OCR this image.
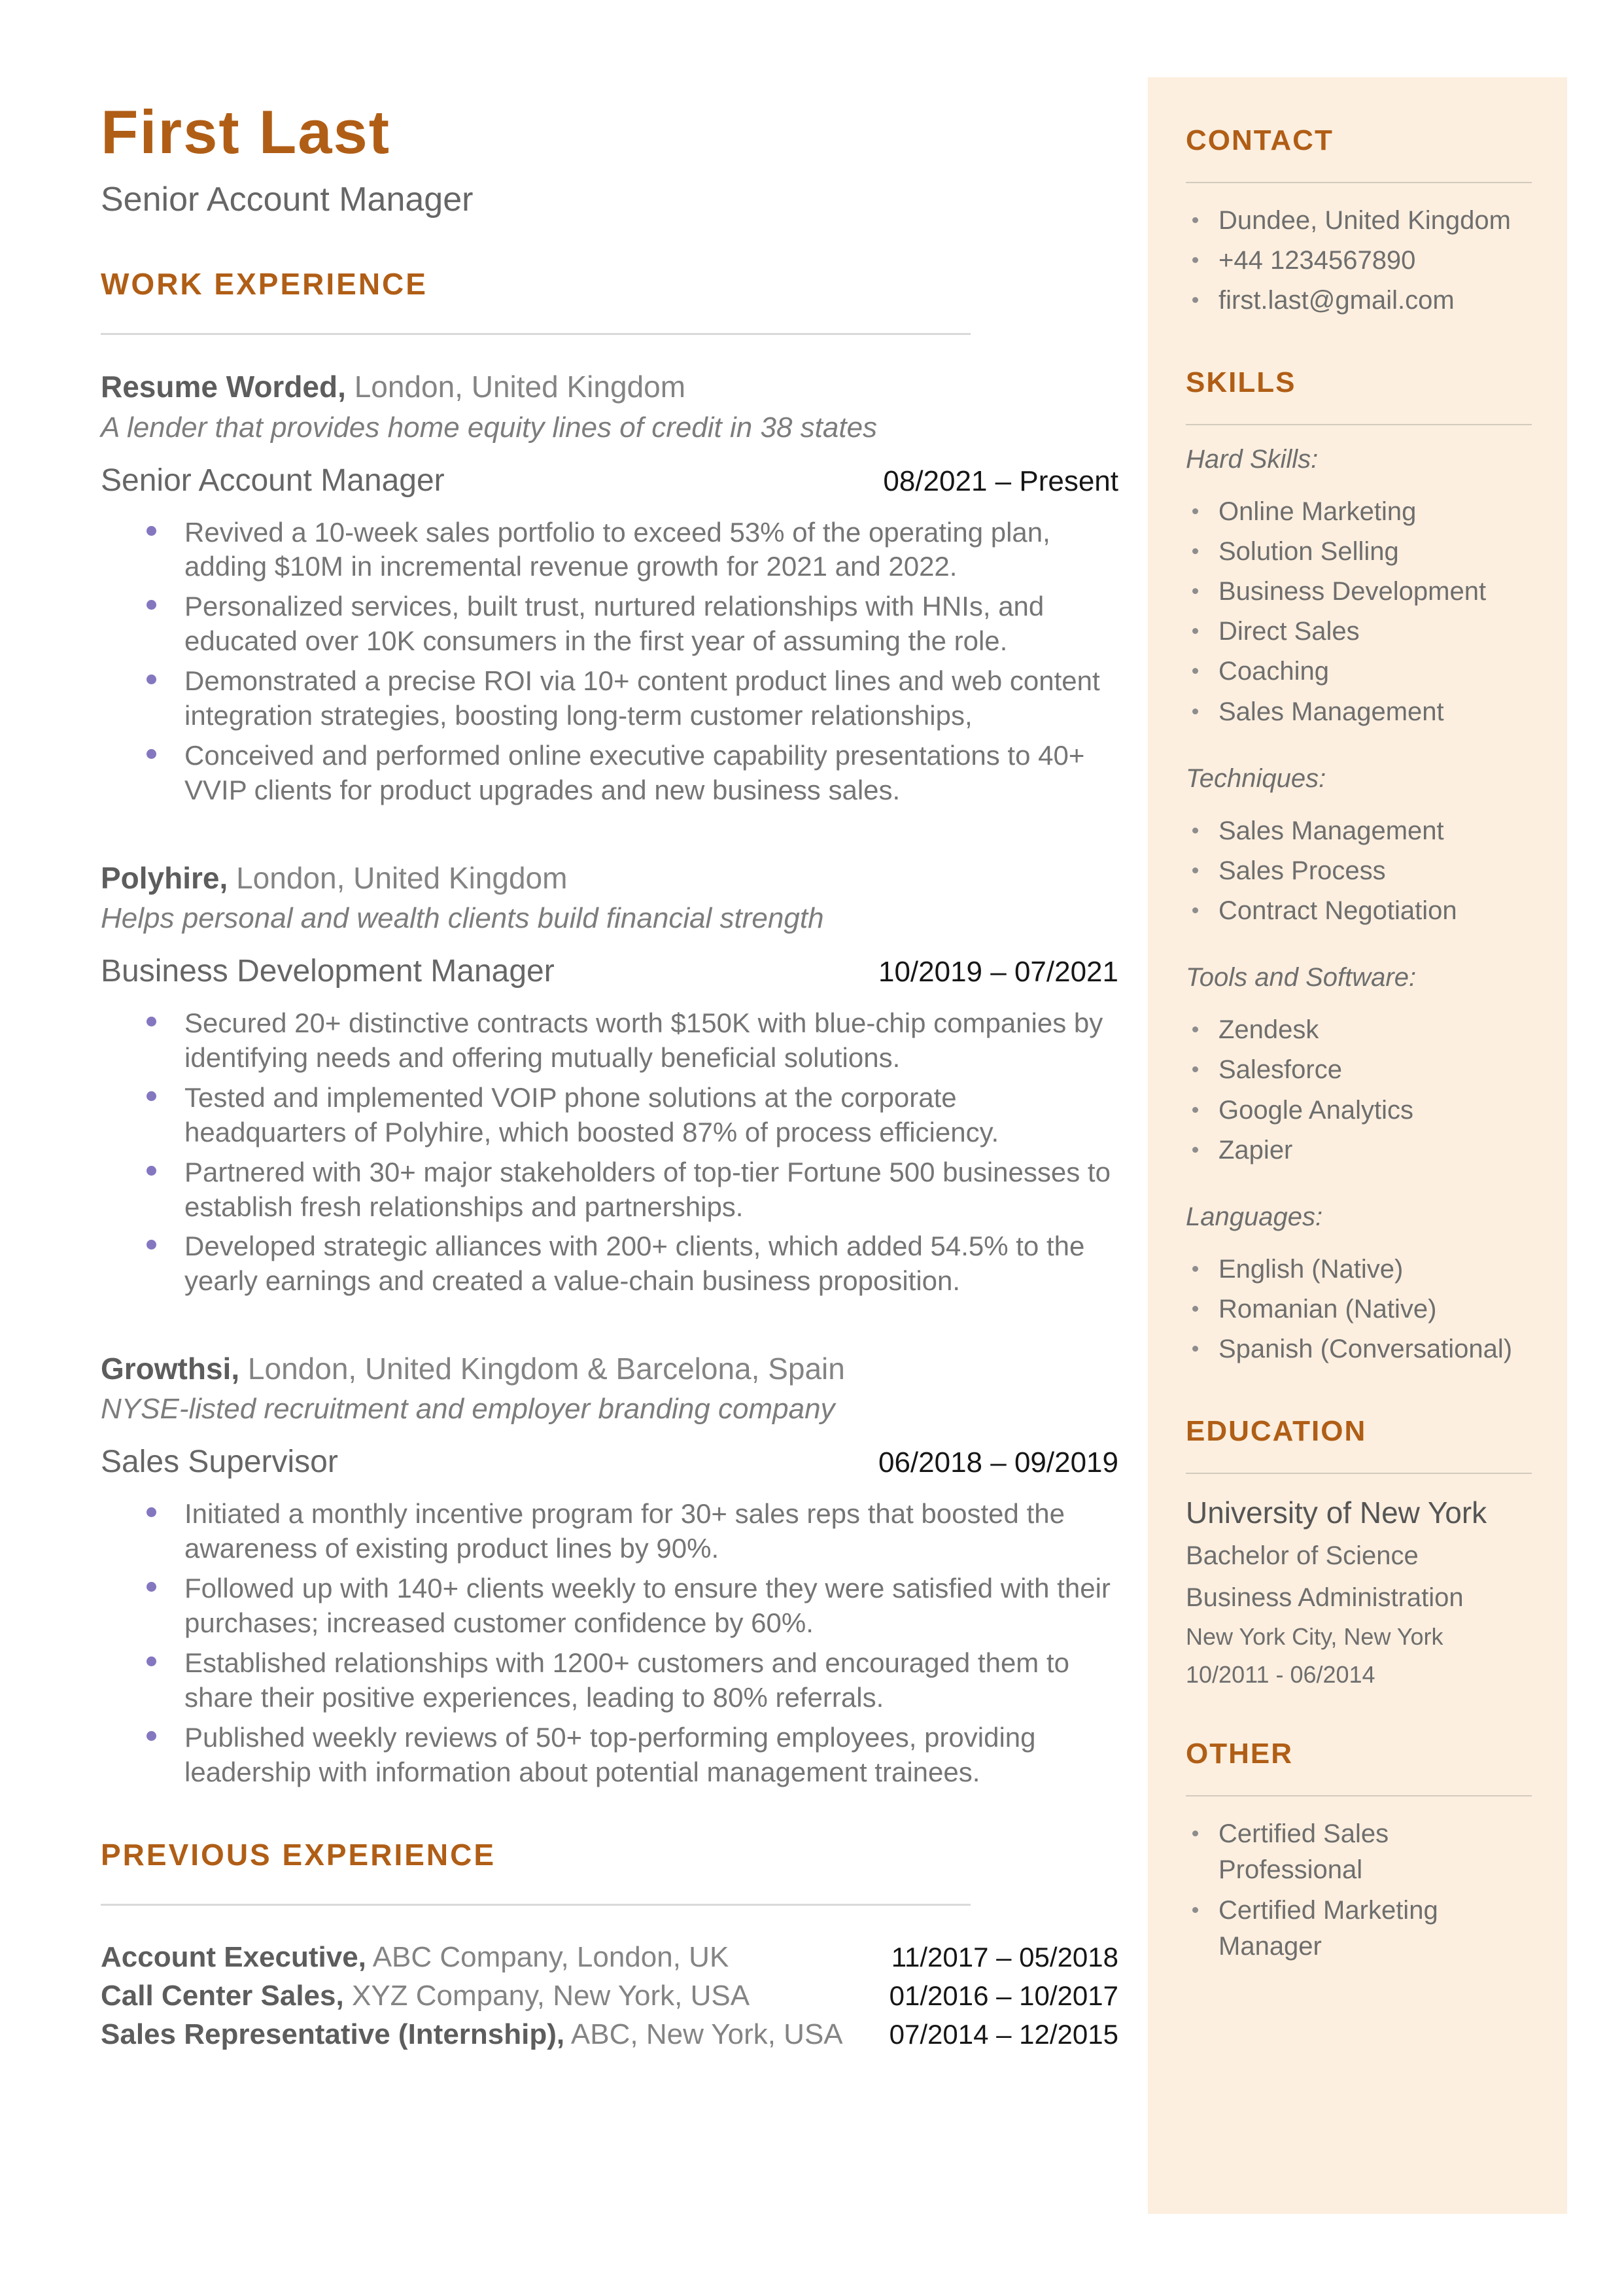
First Last
Senior Account Manager
WORK EXPERIENCE
Resume Worded, London, United Kingdom
A lender that provides home equity lines of credit in 38 states
Senior Account Manager	08/2021 – Present
Revived a 10-week sales portfolio to exceed 53% of the operating plan, adding $10M in incremental revenue growth for 2021 and 2022.
Personalized services, built trust, nurtured relationships with HNIs, and educated over 10K consumers in the first year of assuming the role.
Demonstrated a precise ROI via 10+ content product lines and web content integration strategies, boosting long-term customer relationships,
Conceived and performed online executive capability presentations to 40+ VVIP clients for product upgrades and new business sales.
Polyhire, London, United Kingdom
Helps personal and wealth clients build financial strength
Business Development Manager	10/2019 – 07/2021
Secured 20+ distinctive contracts worth $150K with blue-chip companies by identifying needs and offering mutually beneficial solutions.
Tested and implemented VOIP phone solutions at the corporate headquarters of Polyhire, which boosted 87% of process efficiency.
Partnered with 30+ major stakeholders of top-tier Fortune 500 businesses to establish fresh relationships and partnerships.
Developed strategic alliances with 200+ clients, which added 54.5% to the yearly earnings and created a value-chain business proposition.
Growthsi, London, United Kingdom & Barcelona, Spain
NYSE-listed recruitment and employer branding company
Sales Supervisor	06/2018 – 09/2019
Initiated a monthly incentive program for 30+ sales reps that boosted the awareness of existing product lines by 90%.
Followed up with 140+ clients weekly to ensure they were satisfied with their purchases; increased customer confidence by 60%.
Established relationships with 1200+ customers and encouraged them to share their positive experiences, leading to 80% referrals.
Published weekly reviews of 50+ top-performing employees, providing leadership with information about potential management trainees.
PREVIOUS EXPERIENCE
Account Executive, ABC Company, London, UK	11/2017 – 05/2018
Call Center Sales, XYZ Company, New York, USA	01/2016 – 10/2017
Sales Representative (Internship), ABC, New York, USA 07/2014 – 12/2015
CONTACT
Dundee, United Kingdom
+44 1234567890
first.last@gmail.com
SKILLS
Hard Skills:
Online Marketing
Solution Selling
Business Development
Direct Sales
Coaching
Sales Management
Techniques:
Sales Management
Sales Process
Contract Negotiation
Tools and Software:
Zendesk
Salesforce
Google Analytics
Zapier
Languages:
English (Native)
Romanian (Native)
Spanish (Conversational)
EDUCATION
University of New York
Bachelor of Science
Business Administration
New York City, New York
10/2011 - 06/2014
OTHER
Certified Sales Professional
Certified Marketing Manager
